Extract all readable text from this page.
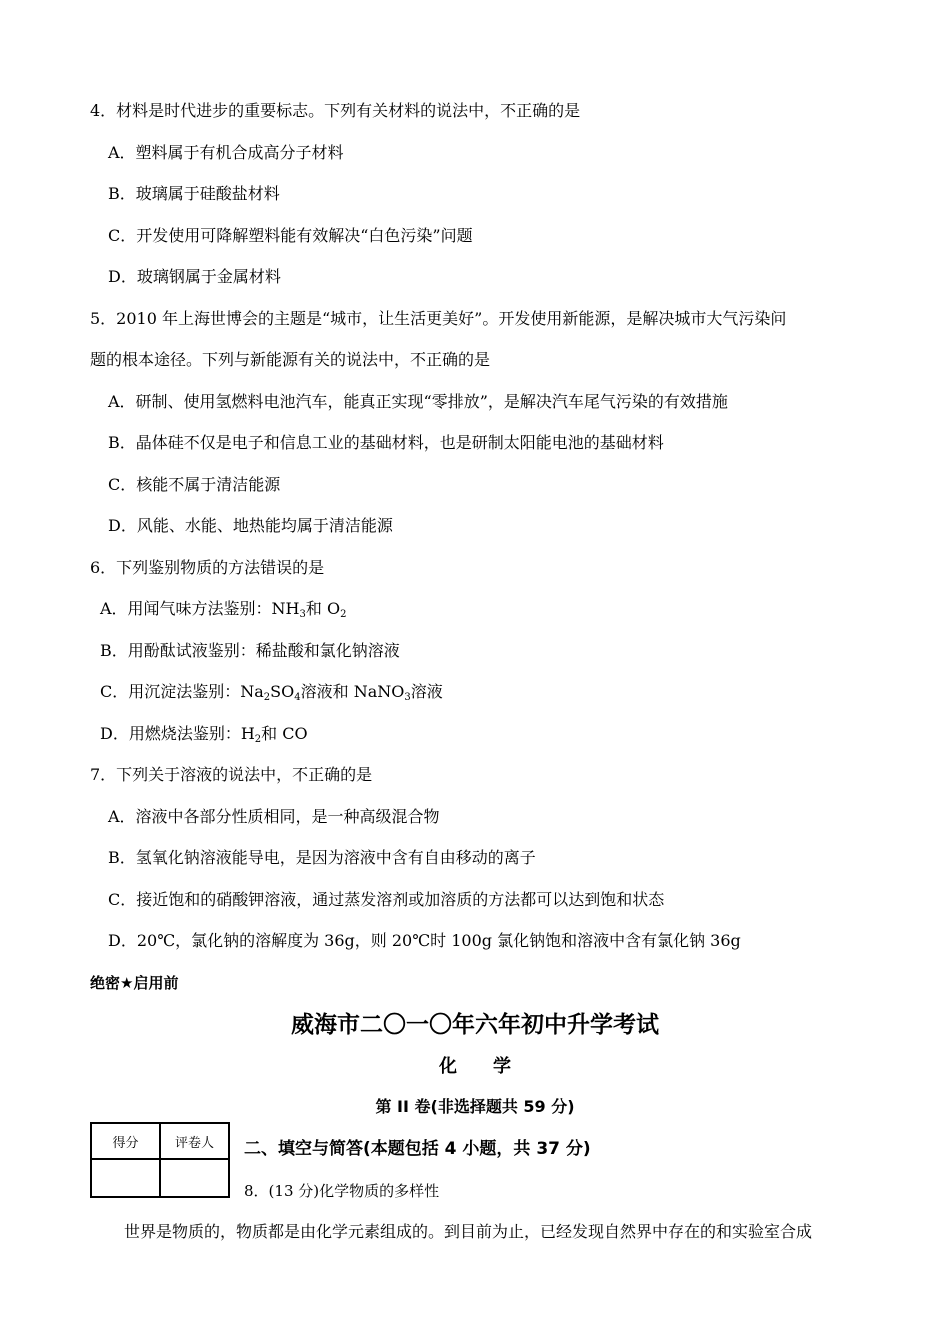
4．材料是时代进步的重要标志。下列有关材料的说法中，不正确的是
A．塑料属于有机合成高分子材料
B．玻璃属于硅酸盐材料
C．开发使用可降解塑料能有效解决“白色污染”问题
D．玻璃钢属于金属材料
5．2010 年上海世博会的主题是“城市，让生活更美好”。开发使用新能源，是解决城市大气污染问
题的根本途径。下列与新能源有关的说法中，不正确的是
A．研制、使用氢燃料电池汽车，能真正实现“零排放”，是解决汽车尾气污染的有效措施
B．晶体硅不仅是电子和信息工业的基础材料，也是研制太阳能电池的基础材料
C．核能不属于清洁能源
D．风能、水能、地热能均属于清洁能源
6．下列鉴别物质的方法错误的是
A．用闻气味方法鉴别：$NH_3$和 $O_2$
B．用酚酞试液鉴别：稀盐酸和氯化钠溶液
C．用沉淀法鉴别：$Na_2SO_4$溶液和 NaNO$_3$溶液
D．用燃烧法鉴别：$H_2$和 CO
7．下列关于溶液的说法中，不正确的是
A．溶液中各部分性质相同，是一种高级混合物
B．氢氧化钠溶液能导电，是因为溶液中含有自由移动的离子
C．接近饱和的硝酸钾溶液，通过蒸发溶剂或加溶质的方法都可以达到饱和状态
D．20℃，氯化钠的溶解度为 36g，则 20℃时 100g 氯化钠饱和溶液中含有氯化钠 36g
绝密★启用前
威海市二〇一〇年六年初中升学考试
化　　学
第 II 卷(非选择题共 59 分)
得分	评卷人
	二、填空与简答(本题包括 4 小题，共 37 分)
8．(13 分)化学物质的多样性
世界是物质的，物质都是由化学元素组成的。到目前为止，已经发现自然界中存在的和实验室合成
